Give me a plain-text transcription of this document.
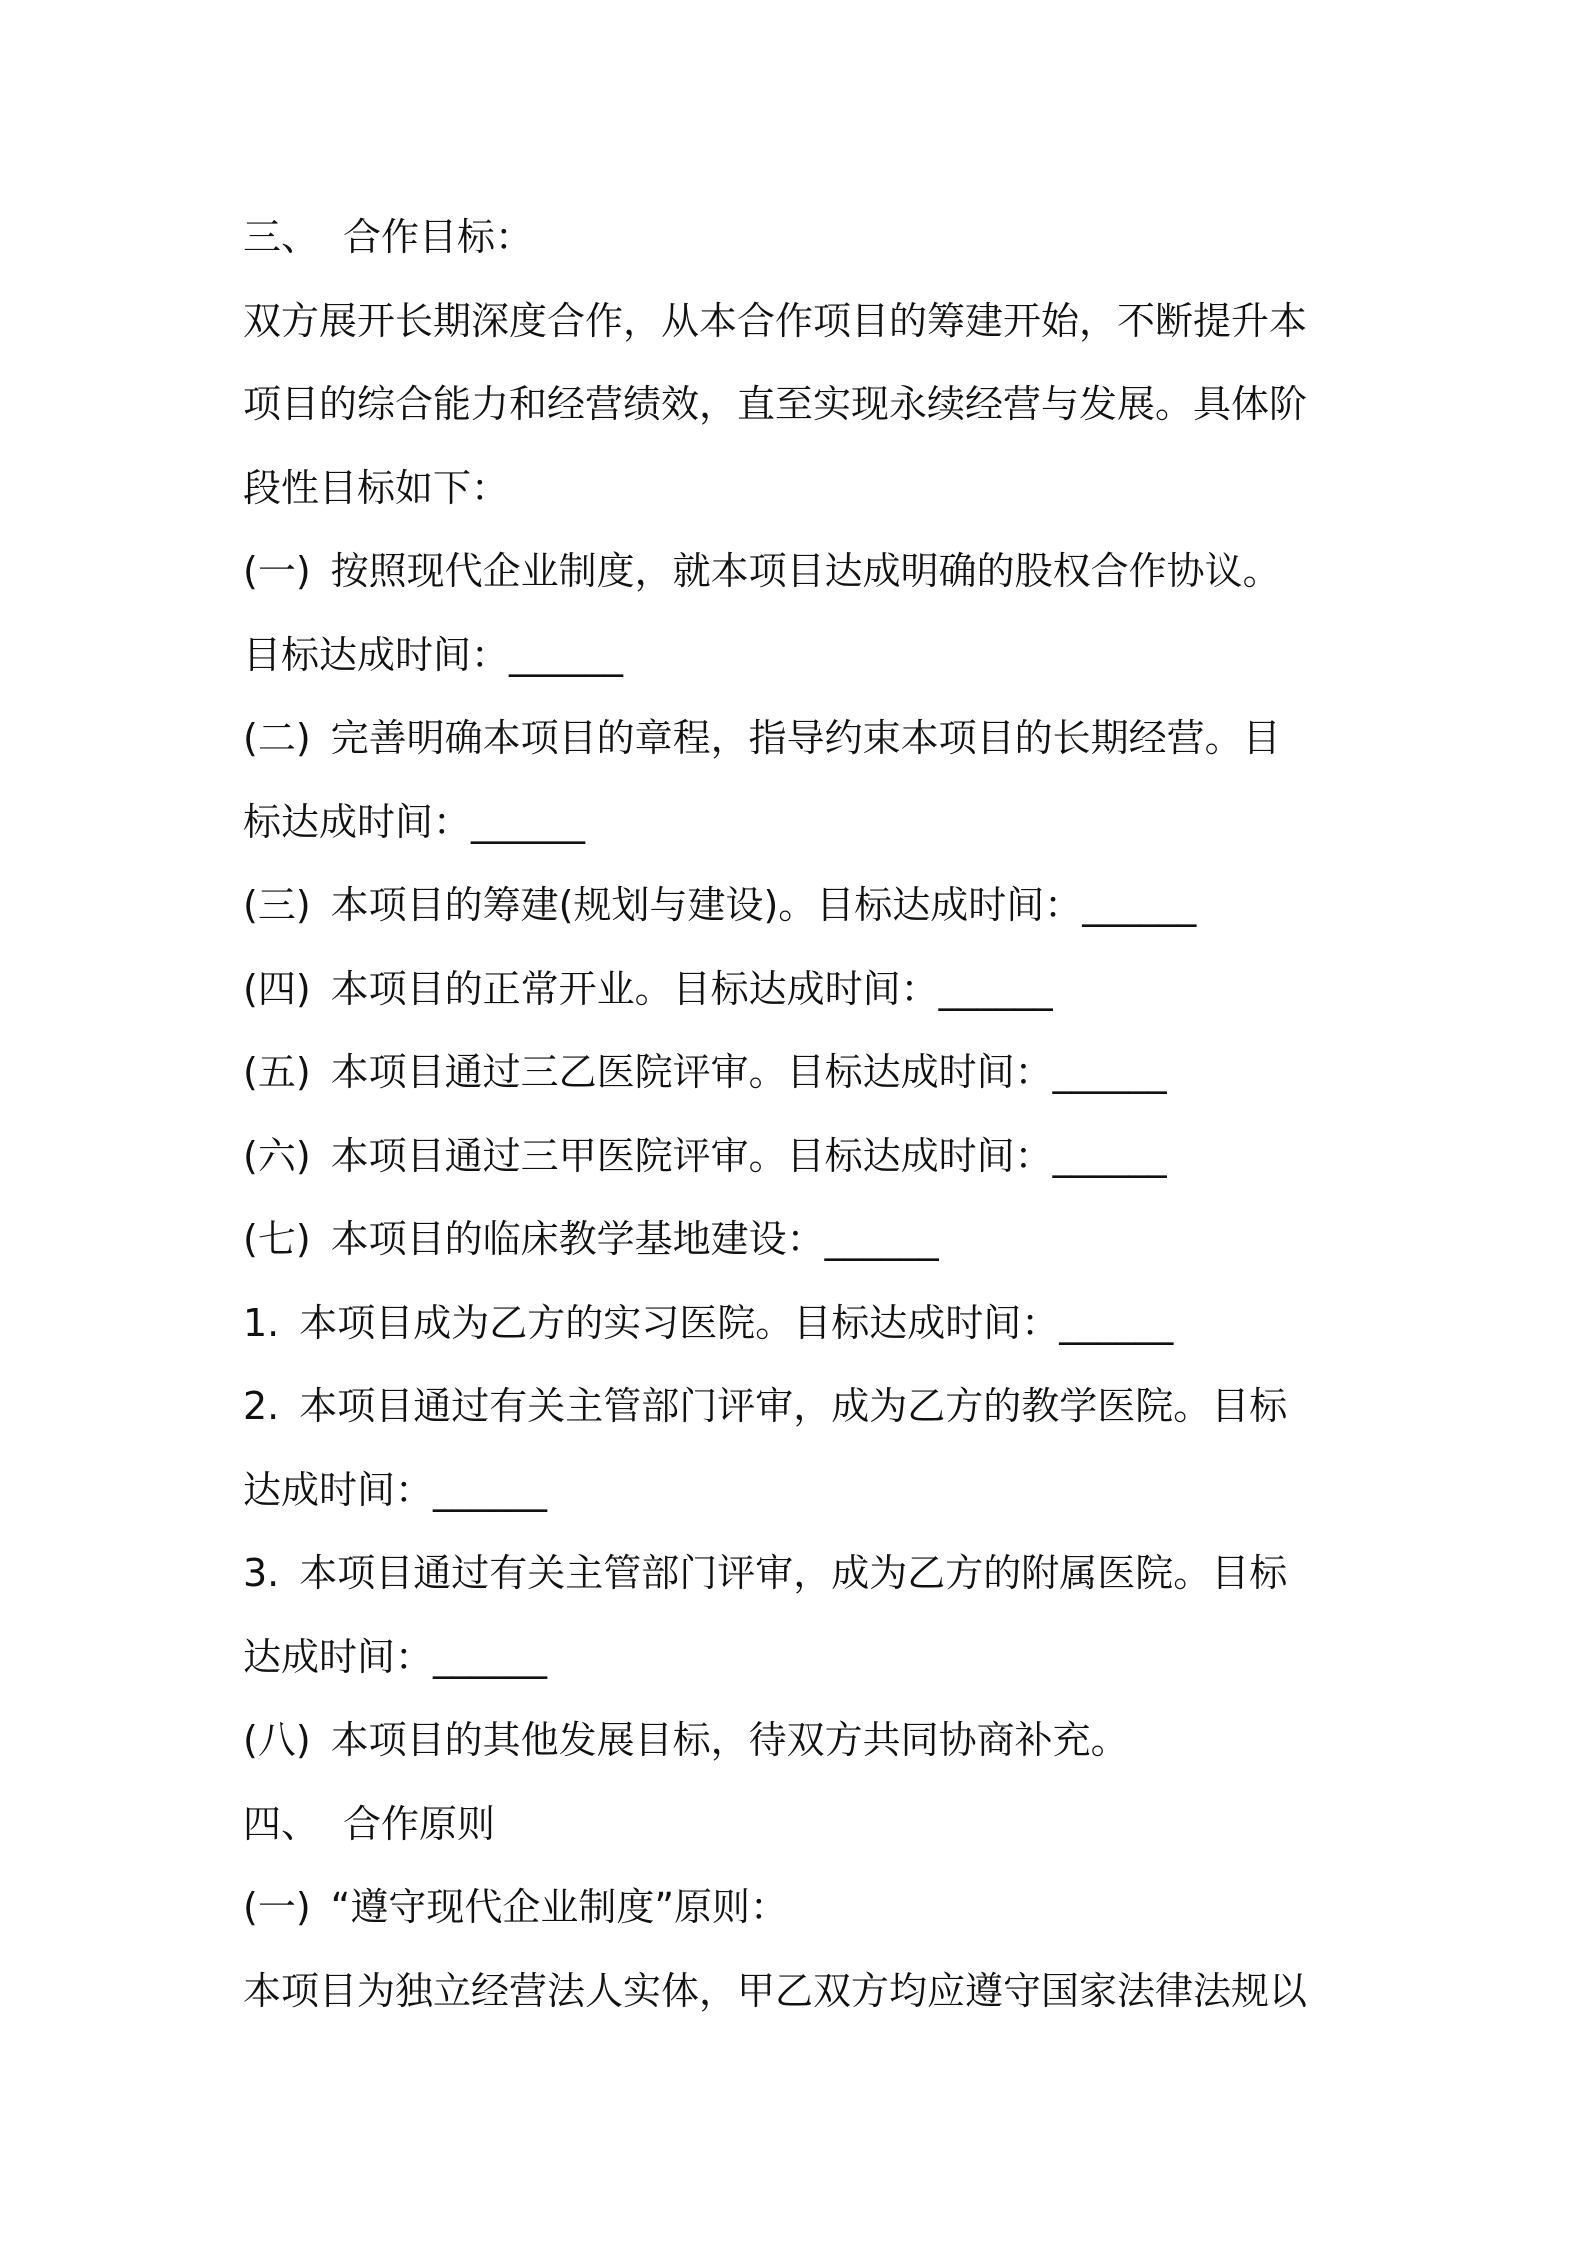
三、 合作目标：
双方展开长期深度合作，从本合作项目的筹建开始，不断提升本
项目的综合能力和经营绩效，直至实现永续经营与发展。具体阶
段性目标如下：
(一) 按照现代企业制度，就本项目达成明确的股权合作协议。
目标达成时间：______
(二) 完善明确本项目的章程，指导约束本项目的长期经营。目
标达成时间：______
(三) 本项目的筹建(规划与建设)。目标达成时间：______
(四) 本项目的正常开业。目标达成时间：______
(五) 本项目通过三乙医院评审。目标达成时间：______
(六) 本项目通过三甲医院评审。目标达成时间：______
(七) 本项目的临床教学基地建设：______
1. 本项目成为乙方的实习医院。目标达成时间：______
2. 本项目通过有关主管部门评审，成为乙方的教学医院。目标
达成时间：______
3. 本项目通过有关主管部门评审，成为乙方的附属医院。目标
达成时间：______
(八) 本项目的其他发展目标，待双方共同协商补充。
四、 合作原则
(一) “遵守现代企业制度”原则：
本项目为独立经营法人实体，甲乙双方均应遵守国家法律法规以
